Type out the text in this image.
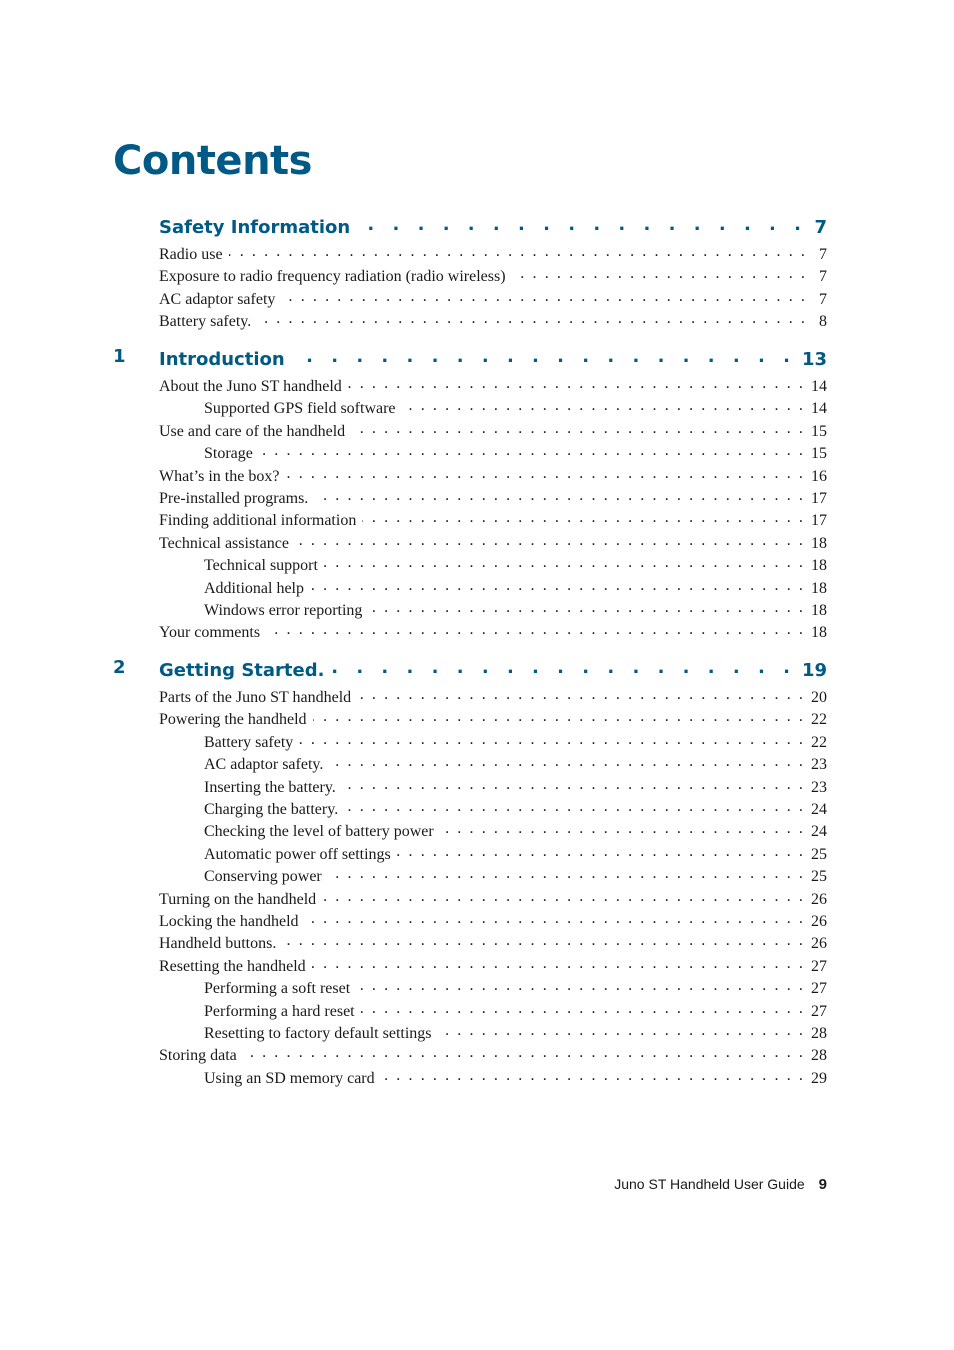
Contents
Safety Information . . .	7
Radio use . . .	7
Exposure to radio frequency radiation (radio wireless) . . .	7
AC adaptor safety . . .	7
Battery safety. . . .	8
1 Introduction . . .	13
About the Juno ST handheld . . .	14
Supported GPS field software . . .	14
Use and care of the handheld . . .	15
Storage . . .	15
What’s in the box? . . .	16
Pre-installed programs. . . .	17
Finding additional information . . .	17
Technical assistance . . .	18
Technical support . . .	18
Additional help . . .	18
Windows error reporting . . .	18
Your comments . . .	18
2 Getting Started. . . .	19
Parts of the Juno ST handheld . . .	20
Powering the handheld . . .	22
Battery safety . . .	22
AC adaptor safety. . . .	23
Inserting the battery. . . .	23
Charging the battery. . . .	24
Checking the level of battery power . . .	24
Automatic power off settings . . .	25
Conserving power . . .	25
Turning on the handheld . . .	26
Locking the handheld . . .	26
Handheld buttons. . . .	26
Resetting the handheld . . .	27
Performing a soft reset . . .	27
Performing a hard reset . . .	27
Resetting to factory default settings . . .	28
Storing data . . .	28
Using an SD memory card . . .	29
Juno ST Handheld User Guide 9
